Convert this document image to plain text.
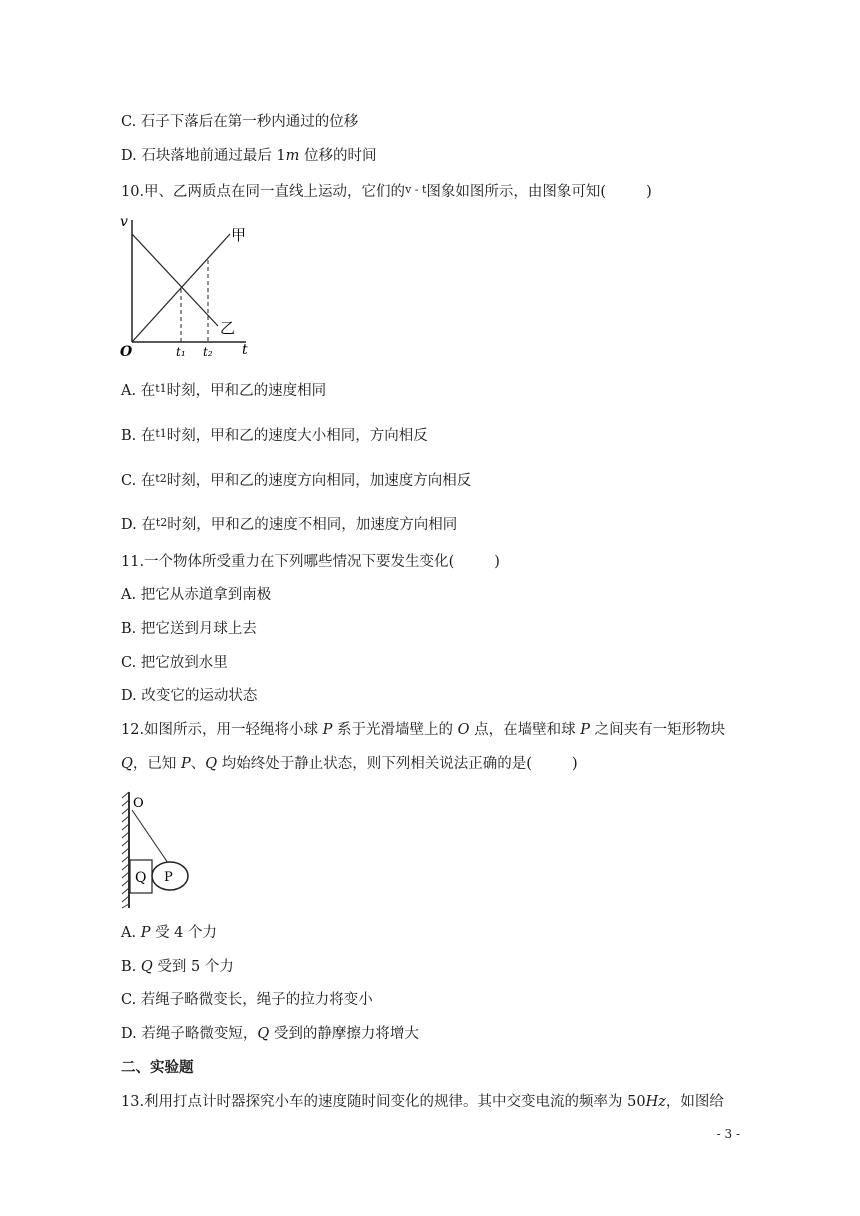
C. 石子下落后在第一秒内通过的位移
D. 石块落地前通过最后 1m 位移的时间
10.甲、乙两质点在同一直线上运动，它们的$^{v - t}$图象如图所示，由图象可知(	)
v
t
O	t₁ t₂
甲
乙
A. 在$^{t1}$时刻，甲和乙的速度相同
B. 在$^{t1}$时刻，甲和乙的速度大小相同，方向相反
C. 在$^{t2}$时刻，甲和乙的速度方向相同，加速度方向相反
D. 在$^{t2}$时刻，甲和乙的速度不相同，加速度方向相同
11.一个物体所受重力在下列哪些情况下要发生变化(	)
A. 把它从赤道拿到南极
B. 把它送到月球上去
C. 把它放到水里
D. 改变它的运动状态
12.如图所示，用一轻绳将小球 P 系于光滑墙壁上的 O 点，在墙壁和球 P 之间夹有一矩形物块
Q，已知 P、Q 均始终处于静止状态，则下列相关说法正确的是(	)
O
Q P
A. P 受 4 个力
B. Q 受到 5 个力
C. 若绳子略微变长，绳子的拉力将变小
D. 若绳子略微变短，Q 受到的静摩擦力将增大
二、实验题
13.利用打点计时器探究小车的速度随时间变化的规律。其中交变电流的频率为 50Hz，如图给
- 3 -
